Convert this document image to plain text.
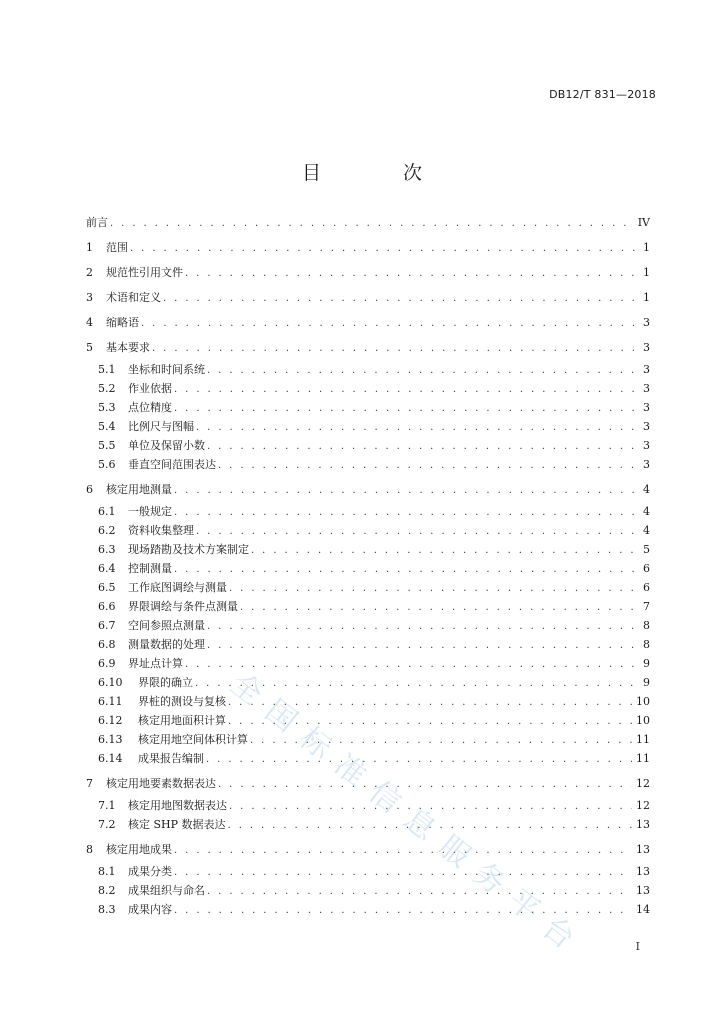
DB12/T 831—2018
目 次
前言 . . .	IV
1	范围 . . .	1
2	规范性引用文件 . . .	1
3	术语和定义 . . .	1
4	缩略语 . . .	3
5	基本要求 . . .	3
5.1	坐标和时间系统 . . .	3
5.2	作业依据 . . .	3
5.3	点位精度 . . .	3
5.4	比例尺与图幅 . . .	3
5.5	单位及保留小数 . . .	3
5.6	垂直空间范围表达 . . .	3
6	核定用地测量 . . .	4
6.1	一般规定 . . .	4
6.2	资料收集整理 . . .	4
6.3	现场踏勘及技术方案制定 . . .	5
6.4	控制测量 . . .	6
6.5	工作底图调绘与测量 . . .	6
6.6	界限调绘与条件点测量 . . .	7
6.7	空间参照点测量 . . .	8
6.8	测量数据的处理 . . .	8
6.9	界址点计算 . . .	9
6.10	界限的确立 . . .	9
6.11	界桩的测设与复核 . . .	10
6.12	核定用地面积计算 . . .	10
6.13	核定用地空间体积计算 . . .	11
6.14	成果报告编制 . . .	11
7	核定用地要素数据表达 . . .	12
7.1	核定用地图数据表达 . . .	12
7.2	核定 SHP 数据表达 . . .	13
8	核定用地成果 . . .	13
8.1	成果分类 . . .	13
8.2	成果组织与命名 . . .	13
8.3	成果内容 . . .	14
全国标准信息服务平台	I
